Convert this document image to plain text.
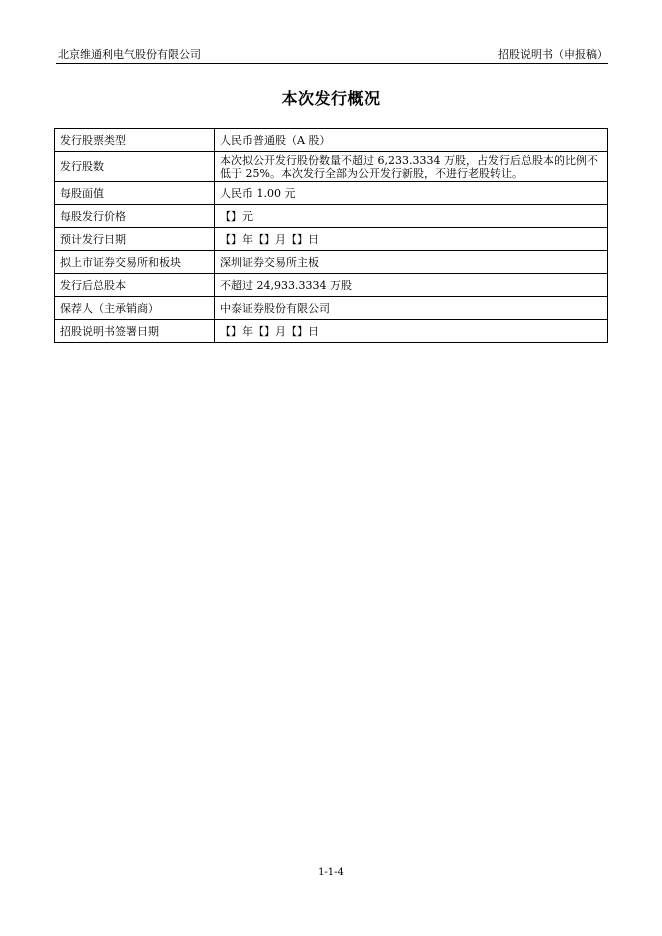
北京维通利电气股份有限公司	招股说明书（申报稿）
本次发行概况
发行股票类型	人民币普通股（A 股）
发行股数	本次拟公开发行股份数量不超过 6,233.3334 万股，占发行后总股本的比例不低于 25%。本次发行全部为公开发行新股，不进行老股转让。
每股面值	人民币 1.00 元
每股发行价格	【】元
预计发行日期	【】年【】月【】日
拟上市证券交易所和板块	深圳证券交易所主板
发行后总股本	不超过 24,933.3334 万股
保荐人（主承销商）	中泰证券股份有限公司
招股说明书签署日期	【】年【】月【】日
1-1-4
